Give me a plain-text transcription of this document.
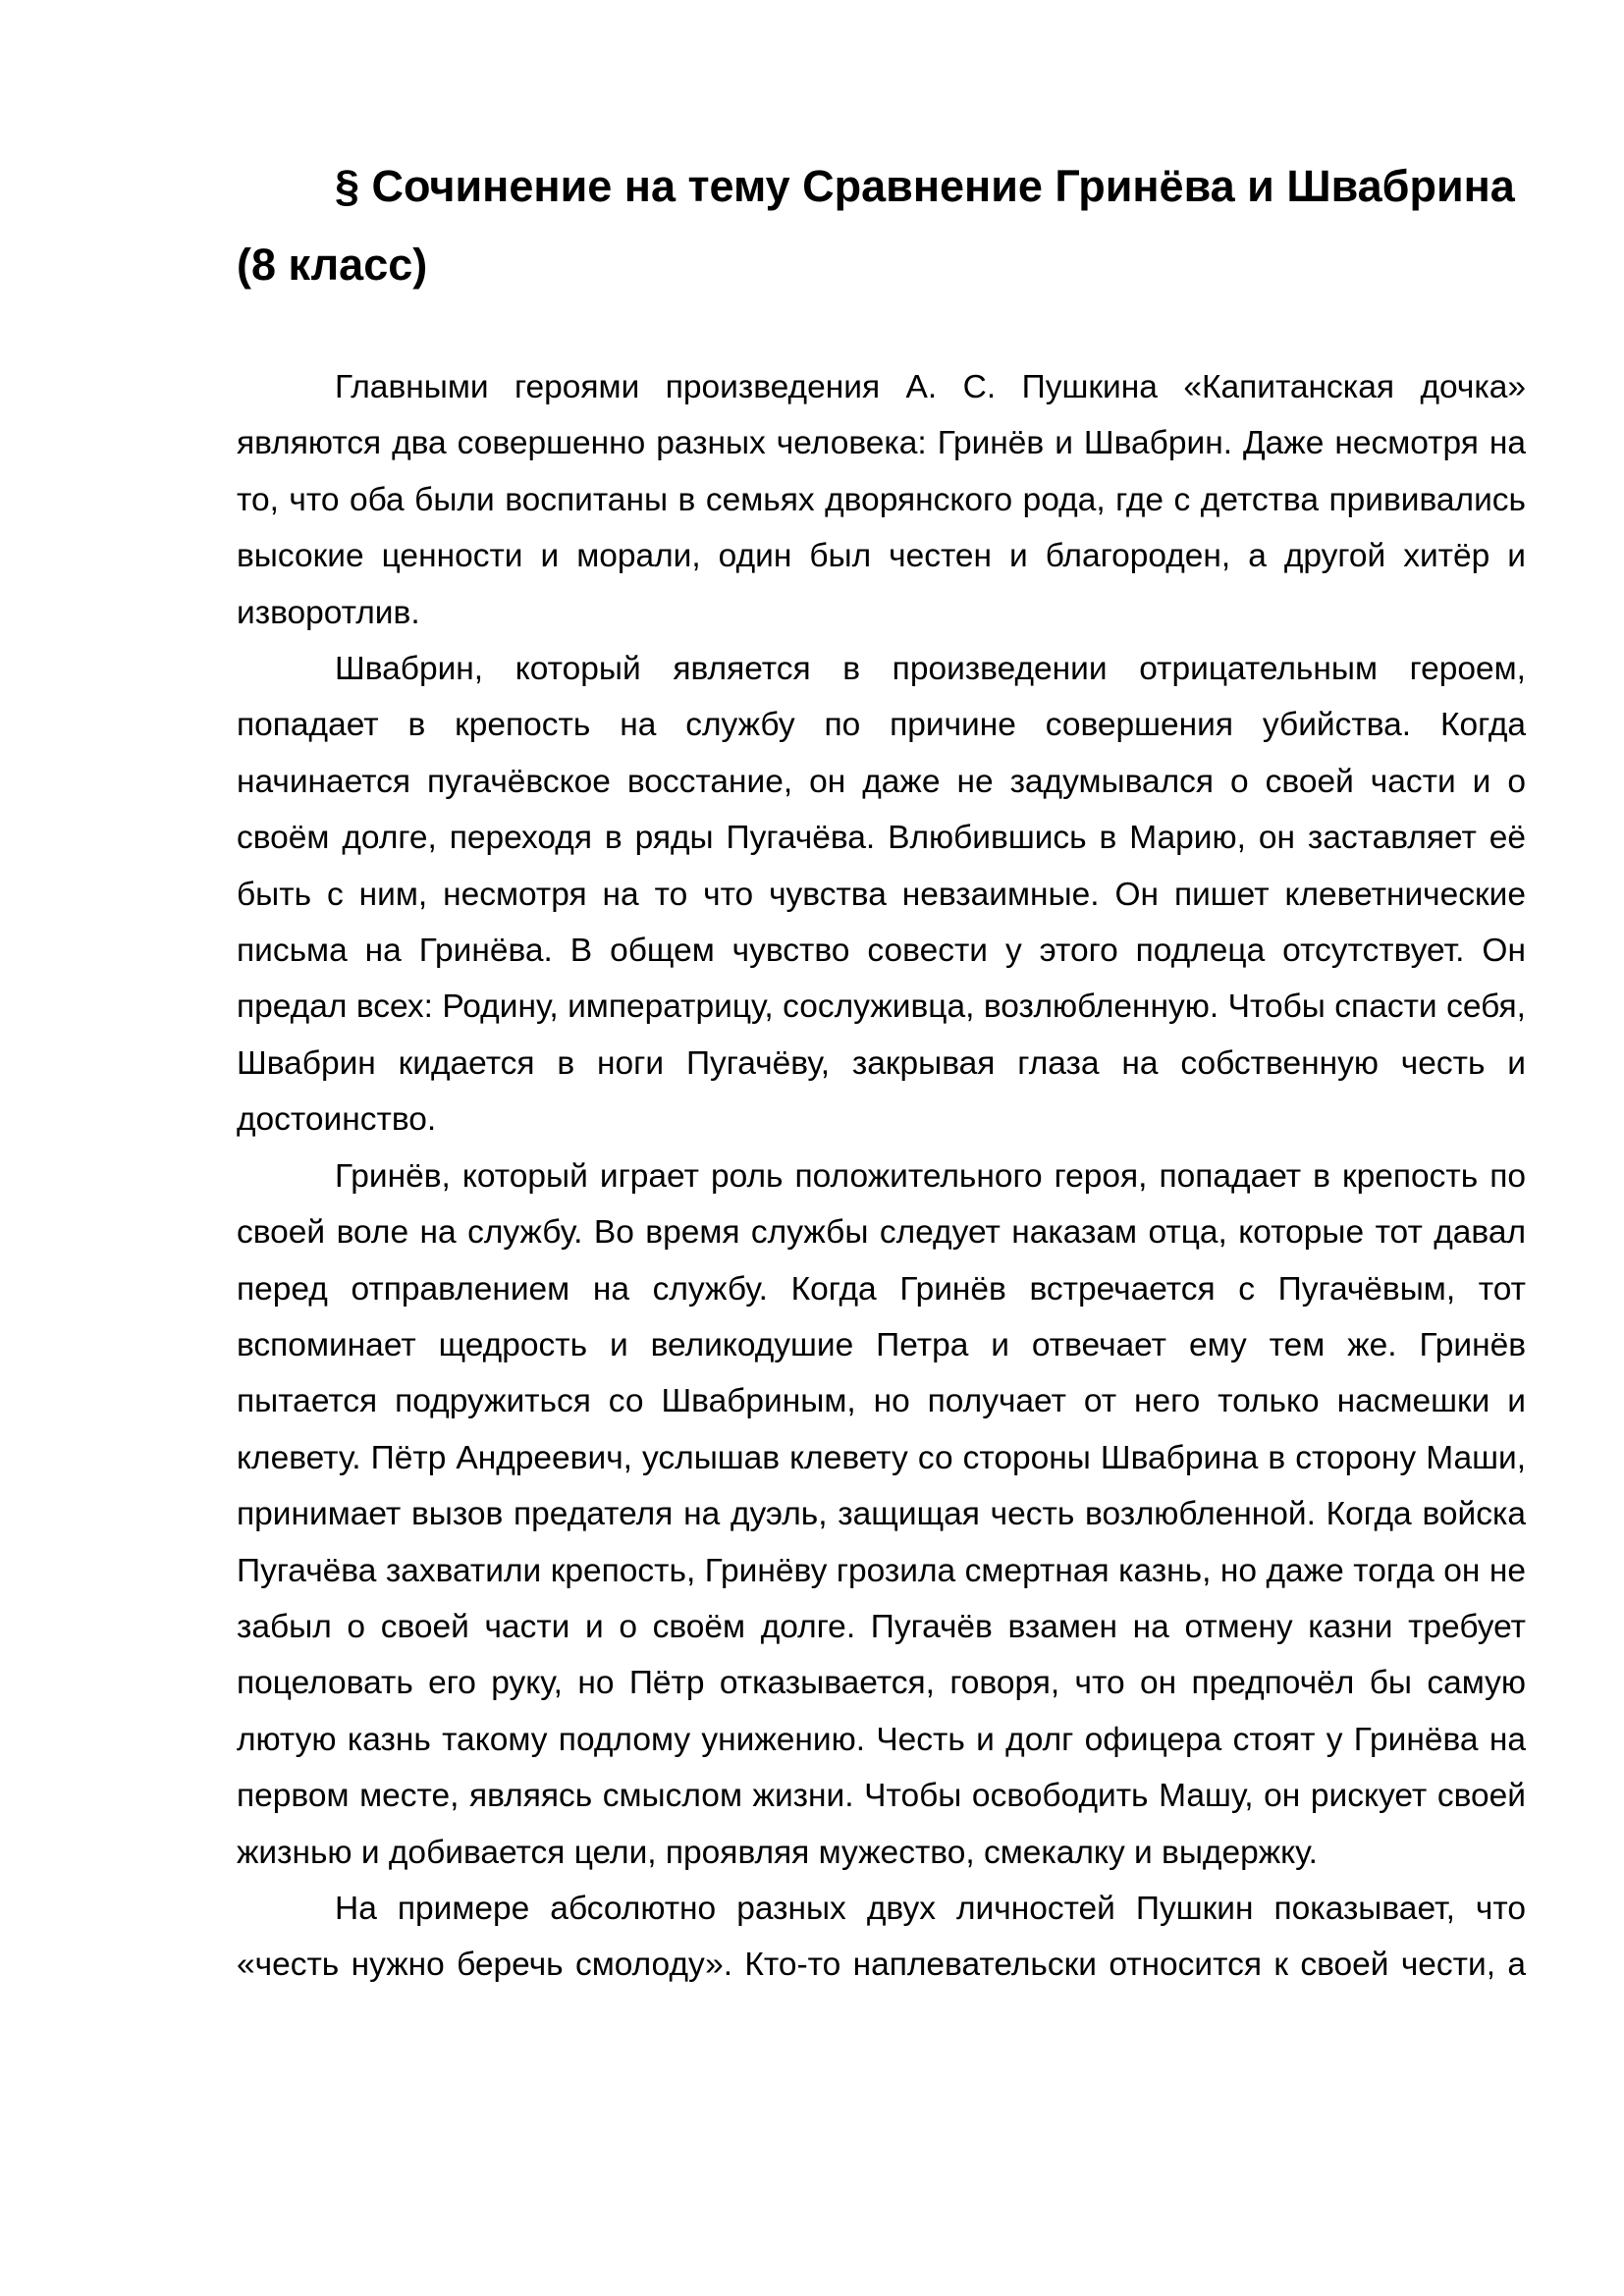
§ Сочинение на тему Сравнение Гринёва и Швабрина (8 класс)

Главными героями произведения А. С. Пушкина «Капитанская дочка» являются два совершенно разных человека: Гринёв и Швабрин. Даже несмотря на то, что оба были воспитаны в семьях дворянского рода, где с детства прививались высокие ценности и морали, один был честен и благороден, а другой хитёр и изворотлив.

Швабрин, который является в произведении отрицательным героем, попадает в крепость на службу по причине совершения убийства. Когда начинается пугачёвское восстание, он даже не задумывался о своей части и о своём долге, переходя в ряды Пугачёва. Влюбившись в Марию, он заставляет её быть с ним, несмотря на то что чувства невзаимные. Он пишет клеветнические письма на Гринёва. В общем чувство совести у этого подлеца отсутствует. Он предал всех: Родину, императрицу, сослуживца, возлюбленную. Чтобы спасти себя, Швабрин кидается в ноги Пугачёву, закрывая глаза на собственную честь и достоинство.

Гринёв, который играет роль положительного героя, попадает в крепость по своей воле на службу. Во время службы следует наказам отца, которые тот давал перед отправлением на службу. Когда Гринёв встречается с Пугачёвым, тот вспоминает щедрость и великодушие Петра и отвечает ему тем же. Гринёв пытается подружиться со Швабриным, но получает от него только насмешки и клевету. Пётр Андреевич, услышав клевету со стороны Швабрина в сторону Маши, принимает вызов предателя на дуэль, защищая честь возлюбленной. Когда войска Пугачёва захватили крепость, Гринёву грозила смертная казнь, но даже тогда он не забыл о своей части и о своём долге. Пугачёв взамен на отмену казни требует поцеловать его руку, но Пётр отказывается, говоря, что он предпочёл бы самую лютую казнь такому подлому унижению. Честь и долг офицера стоят у Гринёва на первом месте, являясь смыслом жизни. Чтобы освободить Машу, он рискует своей жизнью и добивается цели, проявляя мужество, смекалку и выдержку.

На примере абсолютно разных двух личностей Пушкин показывает, что «честь нужно беречь смолоду». Кто-то наплевательски относится к своей чести, а
